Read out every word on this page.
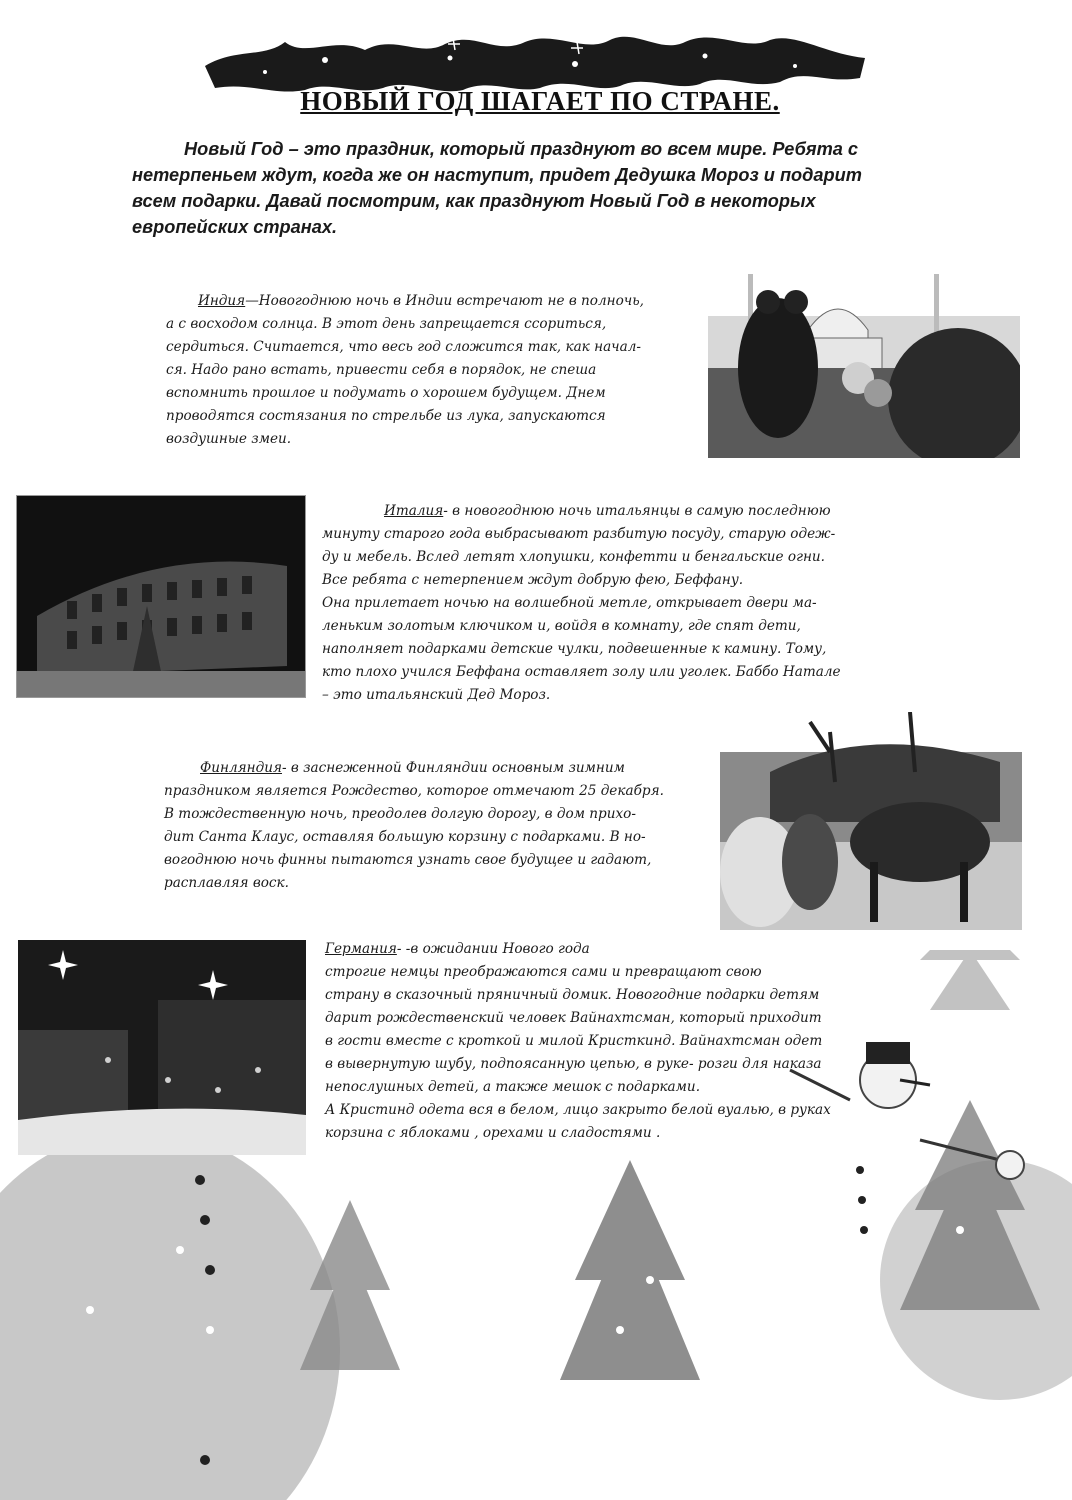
НОВЫЙ ГОД ШАГАЕТ ПО СТРАНЕ.
Новый Год – это праздник, который празднуют во всем мире. Ребята с
нетерпеньем ждут, когда же он наступит, придет Дедушка Мороз и подарит
всем подарки. Давай посмотрим, как празднуют Новый Год в некоторых
европейских странах.
Индия—Новогоднюю ночь в Индии встречают не в полночь,
а с восходом солнца. В этот день запрещается ссориться,
сердиться. Считается, что весь год сложится так, как начал-
ся. Надо рано встать, привести себя в порядок, не спеша
вспомнить прошлое и подумать о хорошем будущем. Днем
проводятся состязания по стрельбе из лука, запускаются
воздушные змеи.
Италия- в новогоднюю ночь итальянцы в самую последнюю
минуту старого года выбрасывают разбитую посуду, старую одеж-
ду и мебель. Вслед летят хлопушки, конфетти и бенгальские огни.
Все ребята с нетерпением ждут добрую фею, Беффану.
Она прилетает ночью на волшебной метле, открывает двери ма-
леньким золотым ключиком и, войдя в комнату, где спят дети,
наполняет подарками детские чулки, подвешенные к камину. Тому,
кто плохо учился Беффана оставляет золу или уголек. Баббо Натале
– это итальянский Дед Мороз.
Финляндия- в заснеженной Финляндии основным зимним
праздником является Рождество, которое отмечают 25 декабря.
В тождественную ночь, преодолев долгую дорогу, в дом прихо-
дит Санта Клаус, оставляя большую корзину с подарками. В но-
вогоднюю ночь финны пытаются узнать свое будущее и гадают,
расплавляя воск.
Германия- -в ожидании Нового года
строгие немцы преображаются сами и превращают свою
страну в сказочный пряничный домик. Новогодние подарки детям
дарит рождественский человек Вайнахтсман, который приходит
в гости вместе с кроткой и милой Кристкинд. Вайнахтсман одет
в вывернутую шубу, подпоясанную цепью, в руке- розги для наказа
непослушных детей, а также мешок с подарками.
А Кристинд одета вся в белом, лицо закрыто белой вуалью, в руках
корзина с яблоками , орехами и сладостями .
